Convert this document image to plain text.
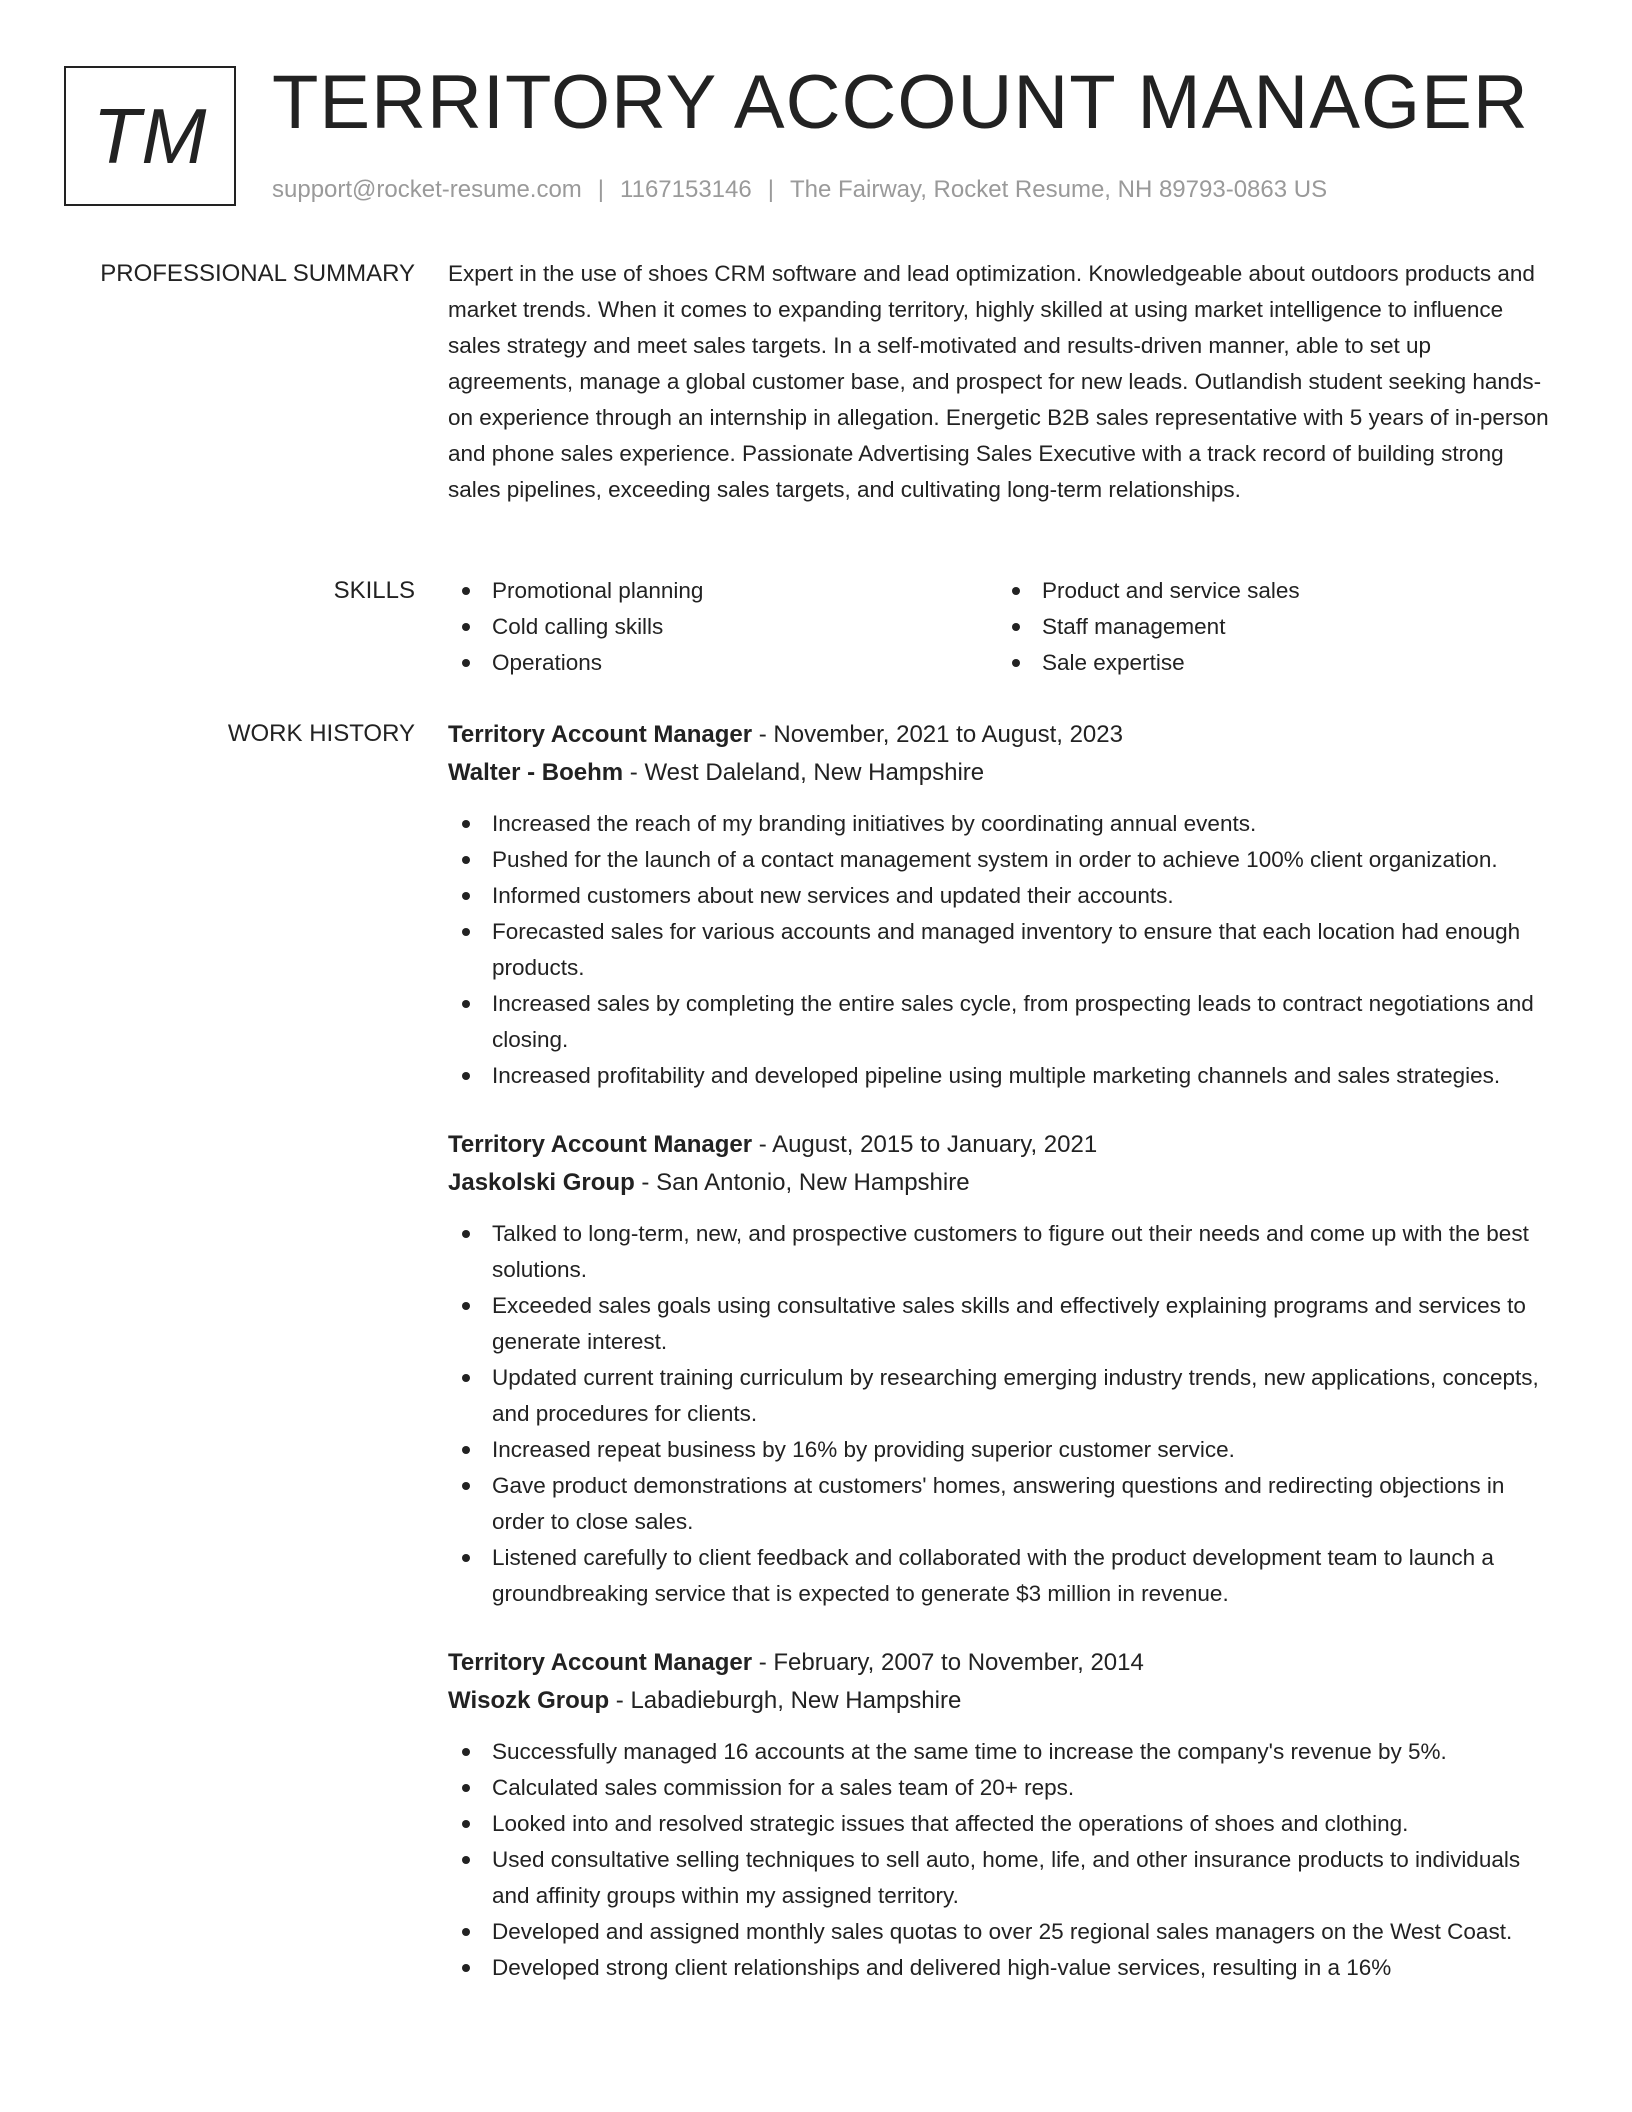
TM TERRITORY ACCOUNT MANAGER
support@rocket-resume.com | 1167153146 | The Fairway, Rocket Resume, NH 89793-0863 US
PROFESSIONAL SUMMARY Expert in the use of shoes CRM software and lead optimization. Knowledgeable about outdoors products and market trends. When it comes to expanding territory, highly skilled at using market intelligence to influence sales strategy and meet sales targets. In a self-motivated and results-driven manner, able to set up agreements, manage a global customer base, and prospect for new leads. Outlandish student seeking hands-on experience through an internship in allegation. Energetic B2B sales representative with 5 years of in-person and phone sales experience. Passionate Advertising Sales Executive with a track record of building strong sales pipelines, exceeding sales targets, and cultivating long-term relationships.

SKILLS	Promotional planning
Cold calling skills
Operations
Product and service sales
Staff management
Sale expertise
WORK HISTORY Territory Account Manager - November, 2021 to August, 2023
Walter - Boehm - West Daleland, New Hampshire
Increased the reach of my branding initiatives by coordinating annual events.
Pushed for the launch of a contact management system in order to achieve 100% client organization.
Informed customers about new services and updated their accounts.
Forecasted sales for various accounts and managed inventory to ensure that each location had enough products.
Increased sales by completing the entire sales cycle, from prospecting leads to contract negotiations and closing.
Increased profitability and developed pipeline using multiple marketing channels and sales strategies.
Territory Account Manager - August, 2015 to January, 2021
Jaskolski Group - San Antonio, New Hampshire
Talked to long-term, new, and prospective customers to figure out their needs and come up with the best solutions.
Exceeded sales goals using consultative sales skills and effectively explaining programs and services to generate interest.
Updated current training curriculum by researching emerging industry trends, new applications, concepts, and procedures for clients.
Increased repeat business by 16% by providing superior customer service.
Gave product demonstrations at customers' homes, answering questions and redirecting objections in order to close sales.
Listened carefully to client feedback and collaborated with the product development team to launch a groundbreaking service that is expected to generate $3 million in revenue.
Territory Account Manager - February, 2007 to November, 2014
Wisozk Group - Labadieburgh, New Hampshire
Successfully managed 16 accounts at the same time to increase the company's revenue by 5%.
Calculated sales commission for a sales team of 20+ reps.
Looked into and resolved strategic issues that affected the operations of shoes and clothing.
Used consultative selling techniques to sell auto, home, life, and other insurance products to individuals and affinity groups within my assigned territory.
Developed and assigned monthly sales quotas to over 25 regional sales managers on the West Coast.
Developed strong client relationships and delivered high-value services, resulting in a 16%
